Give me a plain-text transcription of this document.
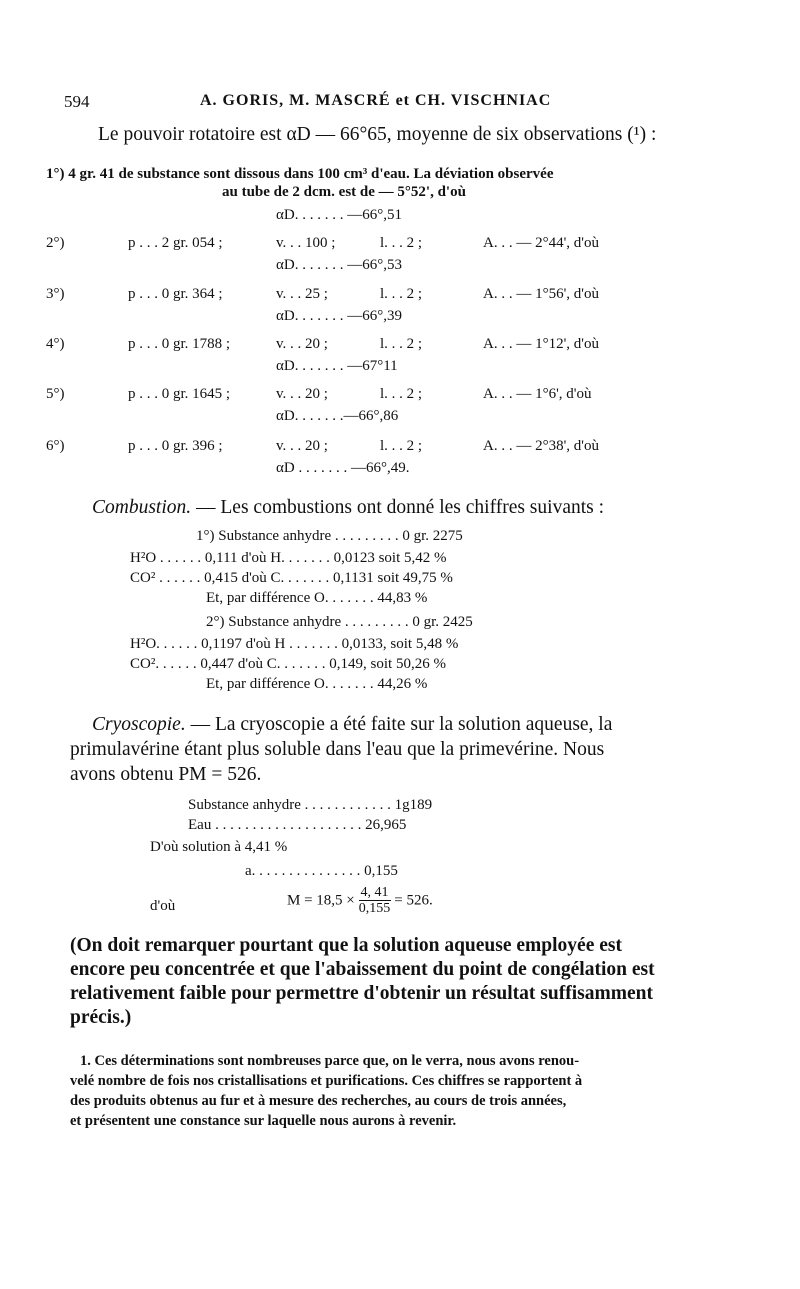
594	A. GORIS, M. MASCRÉ et CH. VISCHNIAC
Le pouvoir rotatoire est αD — 66°65, moyenne de six observations (¹) :
1°) 4 gr. 41 de substance sont dissous dans 100 cm³ d'eau. La déviation observée
au tube de 2 dcm. est de — 5°52', d'où
αD. . . . . . . —66°,51
2°)	p . . . 2 gr. 054 ;	v. . . 100 ;	l. . . 2 ;	A. . . — 2°44', d'où
αD. . . . . . . —66°,53
3°)	p . . . 0 gr. 364 ;	v. . . 25 ;	l. . . 2 ;	A. . . — 1°56', d'où
αD. . . . . . . —66°,39
4°)	p . . . 0 gr. 1788 ;	v. . . 20 ;	l. . . 2 ;	A. . . — 1°12', d'où
αD. . . . . . . —67°11
5°)	p . . . 0 gr. 1645 ;	v. . . 20 ;	l. . . 2 ;	A. . . — 1°6', d'où
αD. . . . . . .—66°,86
6°)	p . . . 0 gr. 396 ;	v. . . 20 ;	l. . . 2 ;	A. . . — 2°38', d'où
αD . . . . . . . —66°,49.
Combustion. — Les combustions ont donné les chiffres suivants :
1°) Substance anhydre . . . . . . . . . 0 gr. 2275
H²O . . . . . . 0,111 d'où H. . . . . . . 0,0123 soit 5,42 %
CO² . . . . . . 0,415 d'où C. . . . . . . 0,1131 soit 49,75 %
Et, par différence O. . . . . . . 44,83 %
2°) Substance anhydre . . . . . . . . . 0 gr. 2425
H²O. . . . . . 0,1197 d'où H . . . . . . . 0,0133, soit 5,48 %
CO². . . . . . 0,447 d'où C. . . . . . . 0,149, soit 50,26 %
Et, par différence O. . . . . . . 44,26 %
Cryoscopie. — La cryoscopie a été faite sur la solution aqueuse, la
primulavérine étant plus soluble dans l'eau que la primevérine. Nous
avons obtenu PM = 526.
Substance anhydre . . . . . . . . . . . . 1g189
Eau . . . . . . . . . . . . . . . . . . . . 26,965
D'où solution à 4,41 %
a. . . . . . . . . . . . . . . 0,155
d'où	$M = 18,5 \times \frac{4, 41}{0,155} = 526$.
(On doit remarquer pourtant que la solution aqueuse employée est
encore peu concentrée et que l'abaissement du point de congélation est
relativement faible pour permettre d'obtenir un résultat suffisamment
précis.)
1. Ces déterminations sont nombreuses parce que, on le verra, nous avons renou-
velé nombre de fois nos cristallisations et purifications. Ces chiffres se rapportent à
des produits obtenus au fur et à mesure des recherches, au cours de trois années,
et présentent une constance sur laquelle nous aurons à revenir.
